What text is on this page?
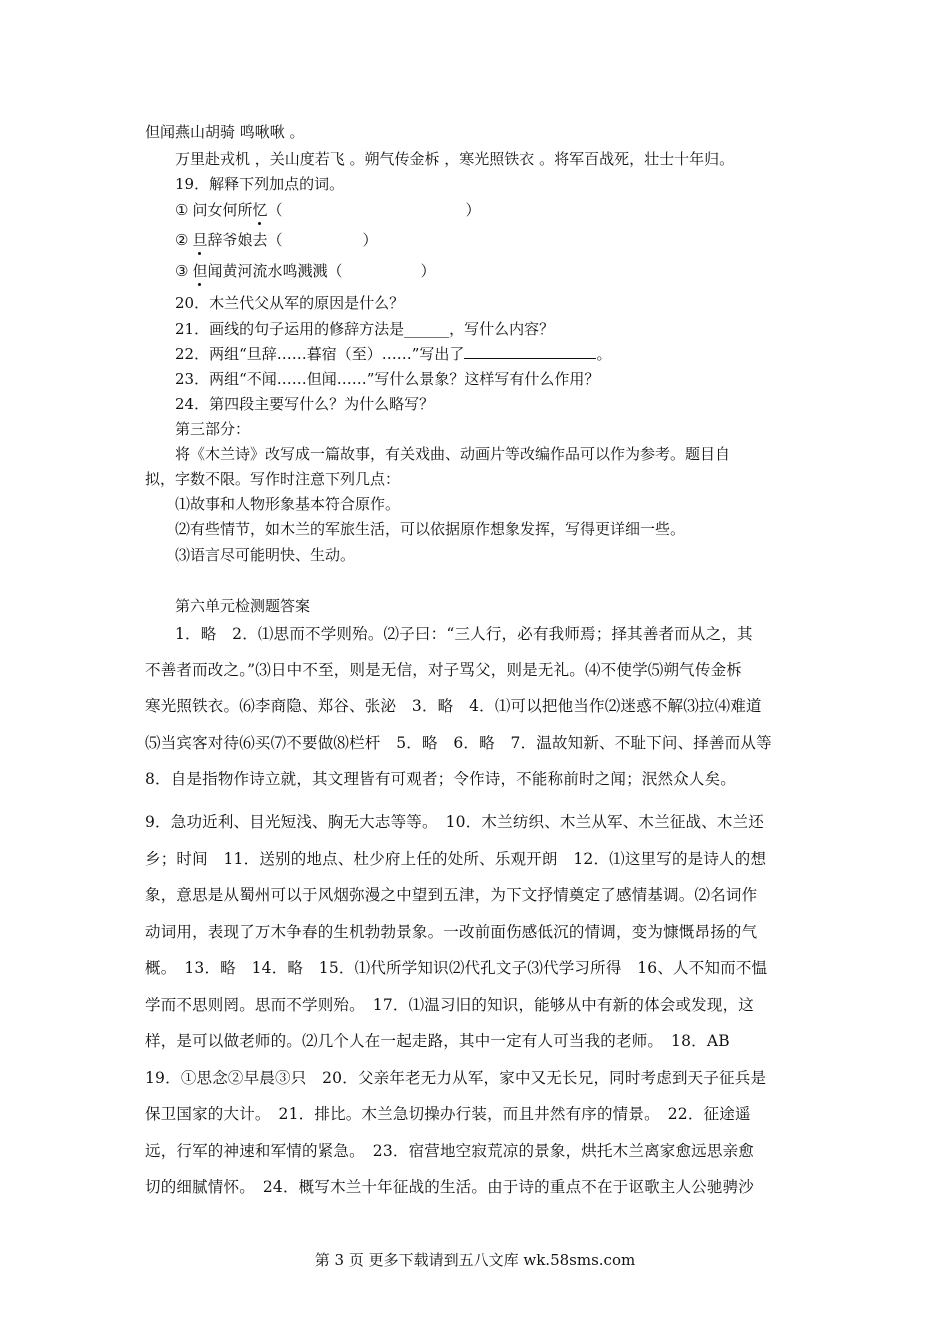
但闻燕山胡骑 鸣啾啾 。
万里赴戎机 ，关山度若飞 。朔气传金柝 ，寒光照铁衣 。将军百战死，壮士十年归。
19．解释下列加点的词。
① 问女何所忆（	）
② 旦辞爷娘去（	）
③ 但闻黄河流水鸣溅溅（	）
20．木兰代父从军的原因是什么？
21．画线的句子运用的修辞方法是______，写什么内容？
22．两组“旦辞……暮宿（至）……”写出了	。
23．两组“不闻……但闻……”写什么景象？这样写有什么作用？
24．第四段主要写什么？为什么略写？
第三部分：
将《木兰诗》改写成一篇故事，有关戏曲、动画片等改编作品可以作为参考。题目自
拟，字数不限。写作时注意下列几点：
⑴故事和人物形象基本符合原作。
⑵有些情节，如木兰的军旅生活，可以依据原作想象发挥，写得更详细一些。
⑶语言尽可能明快、生动。
第六单元检测题答案
1．略　2．⑴思而不学则殆。⑵子曰：“三人行，必有我师焉；择其善者而从之，其
不善者而改之。”⑶日中不至，则是无信，对子骂父，则是无礼。⑷不使学⑸朔气传金柝
寒光照铁衣。⑹李商隐、郑谷、张泌　3．略　4．⑴可以把他当作⑵迷惑不解⑶拉⑷难道
⑸当宾客对待⑹买⑺不要做⑻栏杆　5．略　6．略　7．温故知新、不耻下问、择善而从等
8．自是指物作诗立就，其文理皆有可观者；令作诗，不能称前时之闻；泯然众人矣。
9．急功近利、目光短浅、胸无大志等等。　10．木兰纺织、木兰从军、木兰征战、木兰还
乡；时间　11．送别的地点、杜少府上任的处所、乐观开朗　12．⑴这里写的是诗人的想
象，意思是从蜀州可以于风烟弥漫之中望到五津，为下文抒情奠定了感情基调。⑵名词作
动词用，表现了万木争春的生机勃勃景象。一改前面伤感低沉的情调，变为慷慨昂扬的气
概。　13．略　14．略　15．⑴代所学知识⑵代孔文子⑶代学习所得　16、人不知而不愠
学而不思则罔。思而不学则殆。　17．⑴温习旧的知识，能够从中有新的体会或发现，这
样，是可以做老师的。⑵几个人在一起走路，其中一定有人可当我的老师。　18．AB
19．①思念②早晨③只　20．父亲年老无力从军，家中又无长兄，同时考虑到天子征兵是
保卫国家的大计。　21．排比。木兰急切操办行装，而且井然有序的情景。　22．征途遥
远，行军的神速和军情的紧急。　23．宿营地空寂荒凉的景象，烘托木兰离家愈远思亲愈
切的细腻情怀。　24．概写木兰十年征战的生活。由于诗的重点不在于讴歌主人公驰骋沙
第 3 页 更多下载请到五八文库 wk.58sms.com
